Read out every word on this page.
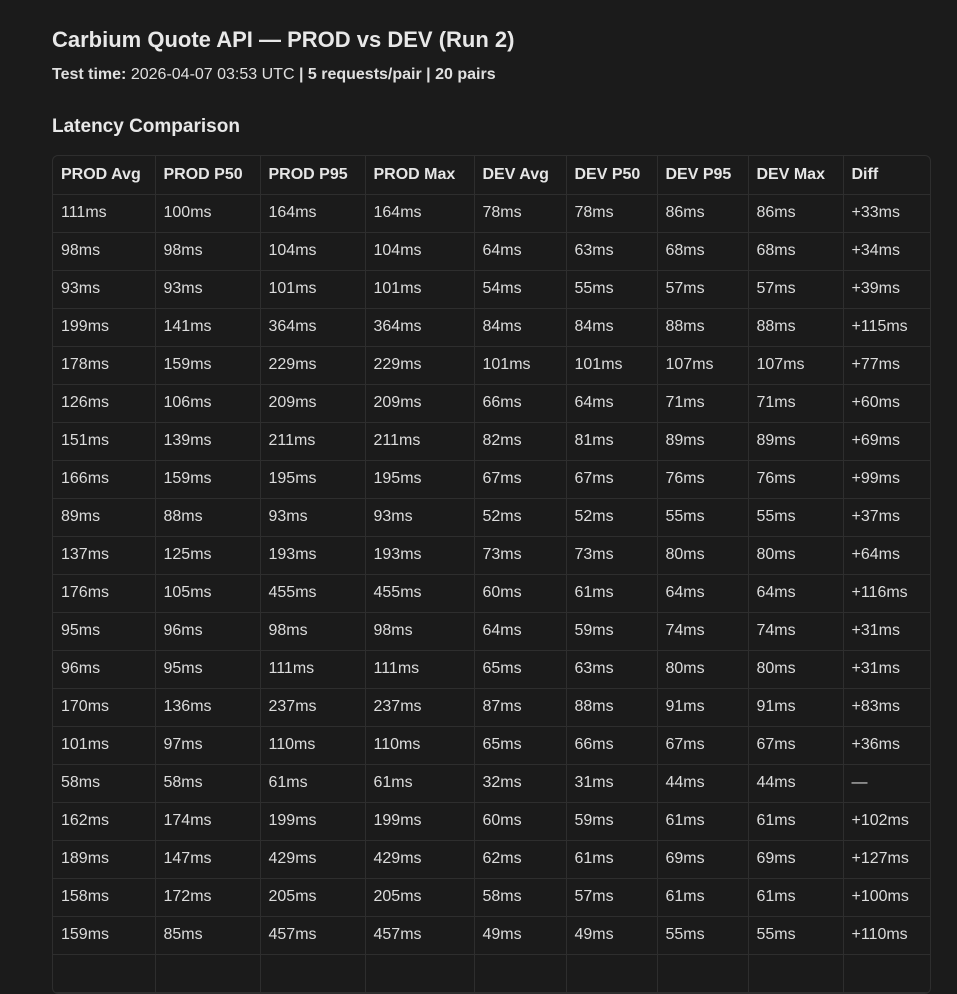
Carbium Quote API — PROD vs DEV (Run 2)
Test time: 2026-04-07 03:53 UTC | 5 requests/pair | 20 pairs
Latency Comparison
PROD Avg	PROD P50	PROD P95	PROD Max	DEV Avg	DEV P50	DEV P95	DEV Max	Diff
111ms	100ms	164ms	164ms	78ms	78ms	86ms	86ms	+33ms
98ms	98ms	104ms	104ms	64ms	63ms	68ms	68ms	+34ms
93ms	93ms	101ms	101ms	54ms	55ms	57ms	57ms	+39ms
199ms	141ms	364ms	364ms	84ms	84ms	88ms	88ms	+115ms
178ms	159ms	229ms	229ms	101ms	101ms	107ms	107ms	+77ms
126ms	106ms	209ms	209ms	66ms	64ms	71ms	71ms	+60ms
151ms	139ms	211ms	211ms	82ms	81ms	89ms	89ms	+69ms
166ms	159ms	195ms	195ms	67ms	67ms	76ms	76ms	+99ms
89ms	88ms	93ms	93ms	52ms	52ms	55ms	55ms	+37ms
137ms	125ms	193ms	193ms	73ms	73ms	80ms	80ms	+64ms
176ms	105ms	455ms	455ms	60ms	61ms	64ms	64ms	+116ms
95ms	96ms	98ms	98ms	64ms	59ms	74ms	74ms	+31ms
96ms	95ms	111ms	111ms	65ms	63ms	80ms	80ms	+31ms
170ms	136ms	237ms	237ms	87ms	88ms	91ms	91ms	+83ms
101ms	97ms	110ms	110ms	65ms	66ms	67ms	67ms	+36ms
58ms	58ms	61ms	61ms	32ms	31ms	44ms	44ms	—
162ms	174ms	199ms	199ms	60ms	59ms	61ms	61ms	+102ms
189ms	147ms	429ms	429ms	62ms	61ms	69ms	69ms	+127ms
158ms	172ms	205ms	205ms	58ms	57ms	61ms	61ms	+100ms
159ms	85ms	457ms	457ms	49ms	49ms	55ms	55ms	+110ms
